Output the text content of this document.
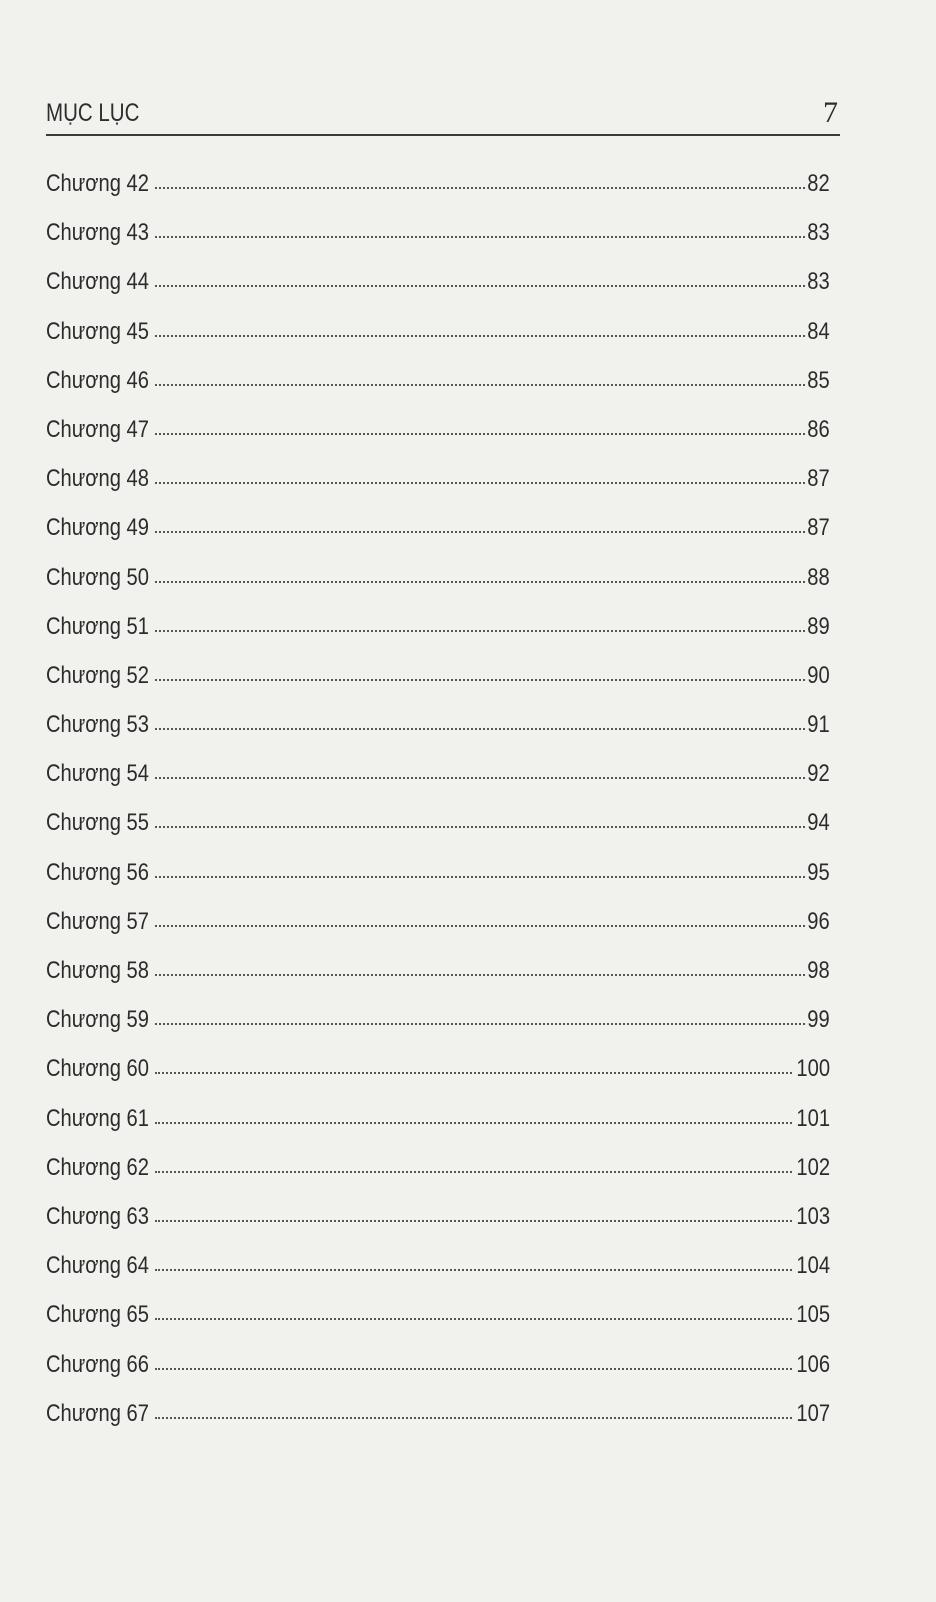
MỤC LỤC	7
Chương 42	82
Chương 43	83
Chương 44	83
Chương 45	84
Chương 46	85
Chương 47	86
Chương 48	87
Chương 49	87
Chương 50	88
Chương 51	89
Chương 52	90
Chương 53	91
Chương 54	92
Chương 55	94
Chương 56	95
Chương 57	96
Chương 58	98
Chương 59	99
Chương 60	100
Chương 61	101
Chương 62	102
Chương 63	103
Chương 64	104
Chương 65	105
Chương 66	106
Chương 67	107
